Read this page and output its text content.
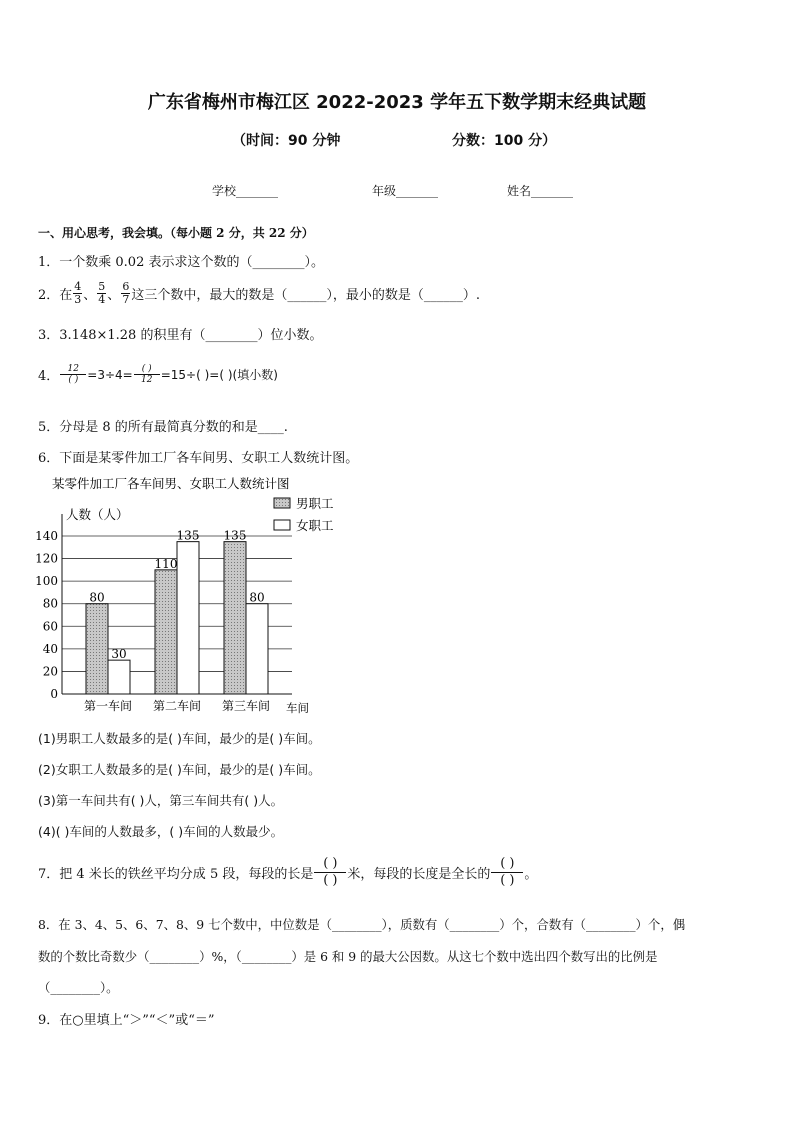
广东省梅州市梅江区 2022-2023 学年五下数学期末经典试题
（时间：90 分钟	分数：100 分）
学校_______	年级_______	姓名_______
一、用心思考，我会填。（每小题 2 分，共 22 分）
1．一个数乘 0.02 表示求这个数的（________）。
2．在 $\frac{4}{3}$ 、 $\frac{5}{4}$ 、 $\frac{6}{7}$ 这三个数中，最大的数是（______），最小的数是（______）.
3．3.148×1.28 的积里有（________）位小数。
4． $\frac{12}{( )} =3\div 4= \frac{( )}{12} =15\div$( )=( )(填小数)
5．分母是 8 的所有最简真分数的和是____.
6．下面是某零件加工厂各车间男、女职工人数统计图。
某零件加工厂各车间男、女职工人数统计图
人数（人）
车间
0
20
40
60
80
100
120
140
80
30
110
135 135
80
第一车间 第二车间 第三车间
男职工
女职工
(1)男职工人数最多的是( )车间，最少的是( )车间。
(2)女职工人数最多的是( )车间，最少的是( )车间。
(3)第一车间共有( )人，第三车间共有( )人。
(4)( )车间的人数最多，( )车间的人数最少。
7．把 4 米长的铁丝平均分成 5 段，每段的长是 $\frac{( )}{( )}$ 米，每段的长度是全长的 $\frac{( )}{( )}$ 。
8．在 3、4、5、6、7、8、9 七个数中，中位数是（________），质数有（________）个，合数有（________）个，偶
数的个数比奇数少（________）%，（________）是 6 和 9 的最大公因数。从这七个数中选出四个数写出的比例是
（________）。
9．在○里填上“＞”“＜”或“＝”
